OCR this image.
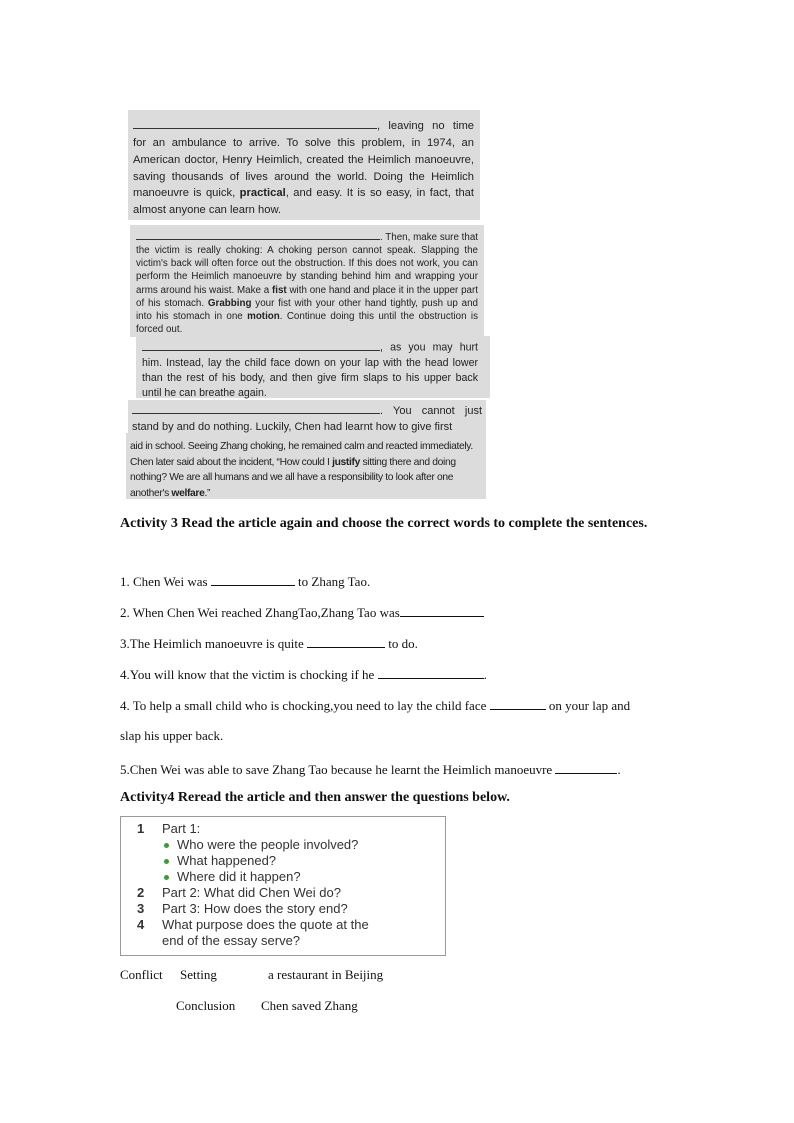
, leaving no time for an ambulance to arrive. To solve this problem, in 1974, an American doctor, Henry Heimlich, created the Heimlich manoeuvre, saving thousands of lives around the world. Doing the Heimlich manoeuvre is quick, practical, and easy. It is so easy, in fact, that almost anyone can learn how.

. Then, make sure that the victim is really choking: A choking person cannot speak. Slapping the victim's back will often force out the obstruction. If this does not work, you can perform the Heimlich manoeuvre by standing behind him and wrapping your arms around his waist. Make a fist with one hand and place it in the upper part of his stomach. Grabbing your fist with your other hand tightly, push up and into his stomach in one motion. Continue doing this until the obstruction is forced out.

, as you may hurt him. Instead, lay the child face down on your lap with the head lower than the rest of his body, and then give firm slaps to his upper back until he can breathe again.

. You cannot just stand by and do nothing. Luckily, Chen had learnt how to give first

aid in school. Seeing Zhang choking, he remained calm and reacted immediately. Chen later said about the incident, “How could I justify sitting there and doing nothing? We are all humans and we all have a responsibility to look after one another's welfare.”

Activity 3 Read the article again and choose the correct words to complete the sentences.
1. Chen Wei was	to Zhang Tao.
2. When Chen Wei reached ZhangTao,Zhang Tao was
3.The Heimlich manoeuvre is quite	to do.
4.You will know that the victim is chocking if he	.
4. To help a small child who is chocking,you need to lay the child face	on your lap and
slap his upper back.
5.Chen Wei was able to save Zhang Tao because he learnt the Heimlich manoeuvre	.
Activity4 Reread the article and then answer the questions below.
1 Part 1:
Who were the people involved?
What happened?
Where did it happen?
2 Part 2: What did Chen Wei do?
3 Part 3: How does the story end?
4 What purpose does the quote at the
end of the essay serve?
Conflict Setting	a restaurant in Beijing
Conclusion Chen saved Zhang
